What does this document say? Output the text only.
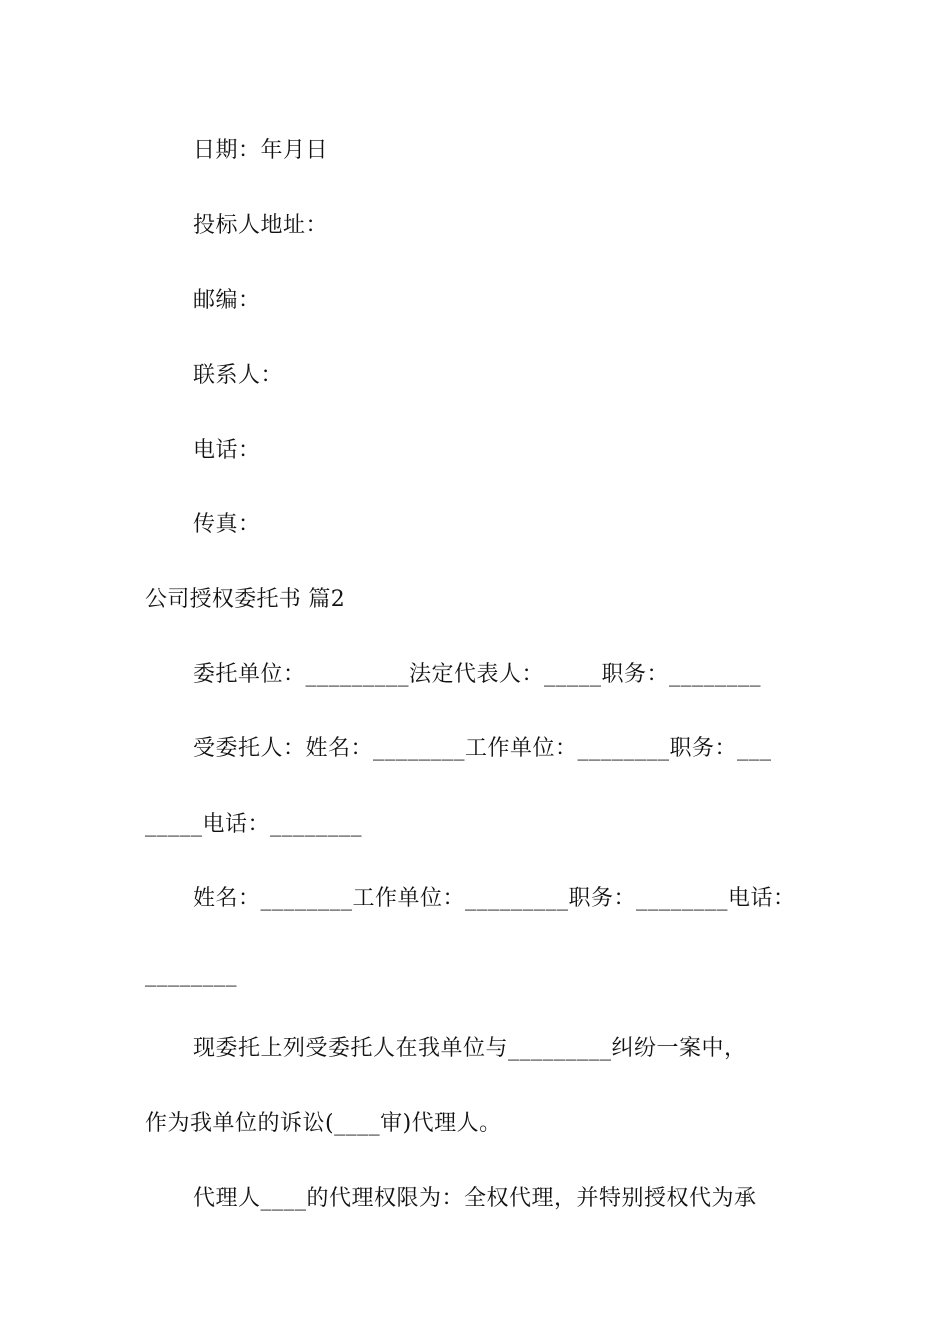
日期：年月日
投标人地址：
邮编：
联系人：
电话：
传真：
公司授权委托书 篇2
委托单位：_________法定代表人：_____职务：________
受委托人：姓名：________工作单位：________职务：___
_____电话：________
姓名：________工作单位：_________职务：________电话：
________
现委托上列受委托人在我单位与_________纠纷一案中，
作为我单位的诉讼(____审)代理人。
代理人____的代理权限为：全权代理，并特别授权代为承
